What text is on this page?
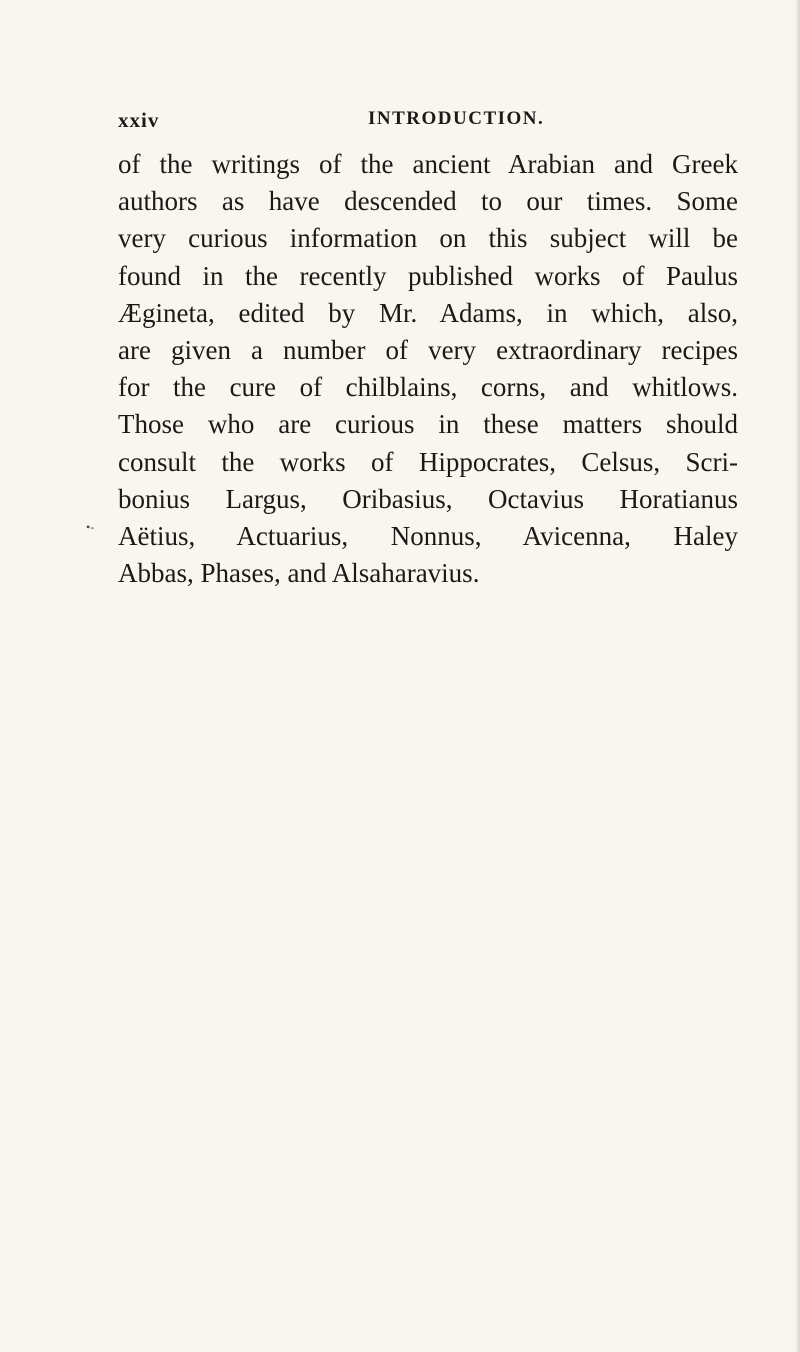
xxiv	INTRODUCTION.
of the writings of the ancient Arabian and Greek
authors as have descended to our times. Some
very curious information on this subject will be
found in the recently published works of Paulus
Ægineta, edited by Mr. Adams, in which, also,
are given a number of very extraordinary recipes
for the cure of chilblains, corns, and whitlows.
Those who are curious in these matters should
consult the works of Hippocrates, Celsus, Scri-
bonius Largus, Oribasius, Octavius Horatianus
Aëtius, Actuarius, Nonnus, Avicenna, Haley
Abbas, Phases, and Alsaharavius.
•-
